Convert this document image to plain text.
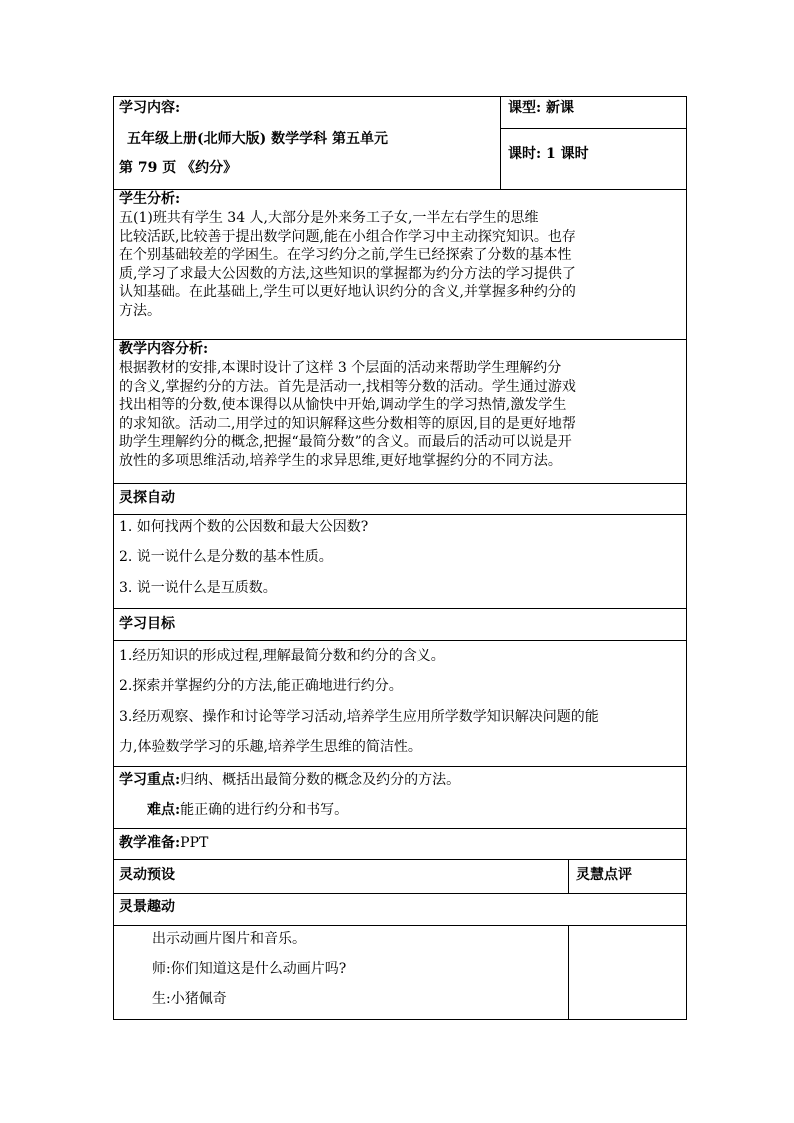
学习内容:
五年级上册(北师大版) 数学学科 第五单元
第 79 页 《约分》
课型: 新课
课时: 1 课时
学生分析:
五(1)班共有学生 34 人,大部分是外来务工子女,一半左右学生的思维
比较活跃,比较善于提出数学问题,能在小组合作学习中主动探究知识。也存
在个别基础较差的学困生。在学习约分之前,学生已经探索了分数的基本性
质,学习了求最大公因数的方法,这些知识的掌握都为约分方法的学习提供了
认知基础。在此基础上,学生可以更好地认识约分的含义,并掌握多种约分的
方法。
教学内容分析:
根据教材的安排,本课时设计了这样 3 个层面的活动来帮助学生理解约分
的含义,掌握约分的方法。首先是活动一,找相等分数的活动。学生通过游戏
找出相等的分数,使本课得以从愉快中开始,调动学生的学习热情,激发学生
的求知欲。活动二,用学过的知识解释这些分数相等的原因,目的是更好地帮
助学生理解约分的概念,把握“最简分数”的含义。而最后的活动可以说是开
放性的多项思维活动,培养学生的求异思维,更好地掌握约分的不同方法。
灵探自动
1. 如何找两个数的公因数和最大公因数?
2. 说一说什么是分数的基本性质。
3. 说一说什么是互质数。
学习目标
1.经历知识的形成过程,理解最简分数和约分的含义。
2.探索并掌握约分的方法,能正确地进行约分。
3.经历观察、操作和讨论等学习活动,培养学生应用所学数学知识解决问题的能
力,体验数学学习的乐趣,培养学生思维的简洁性。
学习重点:归纳、概括出最简分数的概念及约分的方法。
难点:能正确的进行约分和书写。
教学准备:PPT
灵动预设	灵慧点评
灵景趣动
出示动画片图片和音乐。
师:你们知道这是什么动画片吗?
生:小猪佩奇
